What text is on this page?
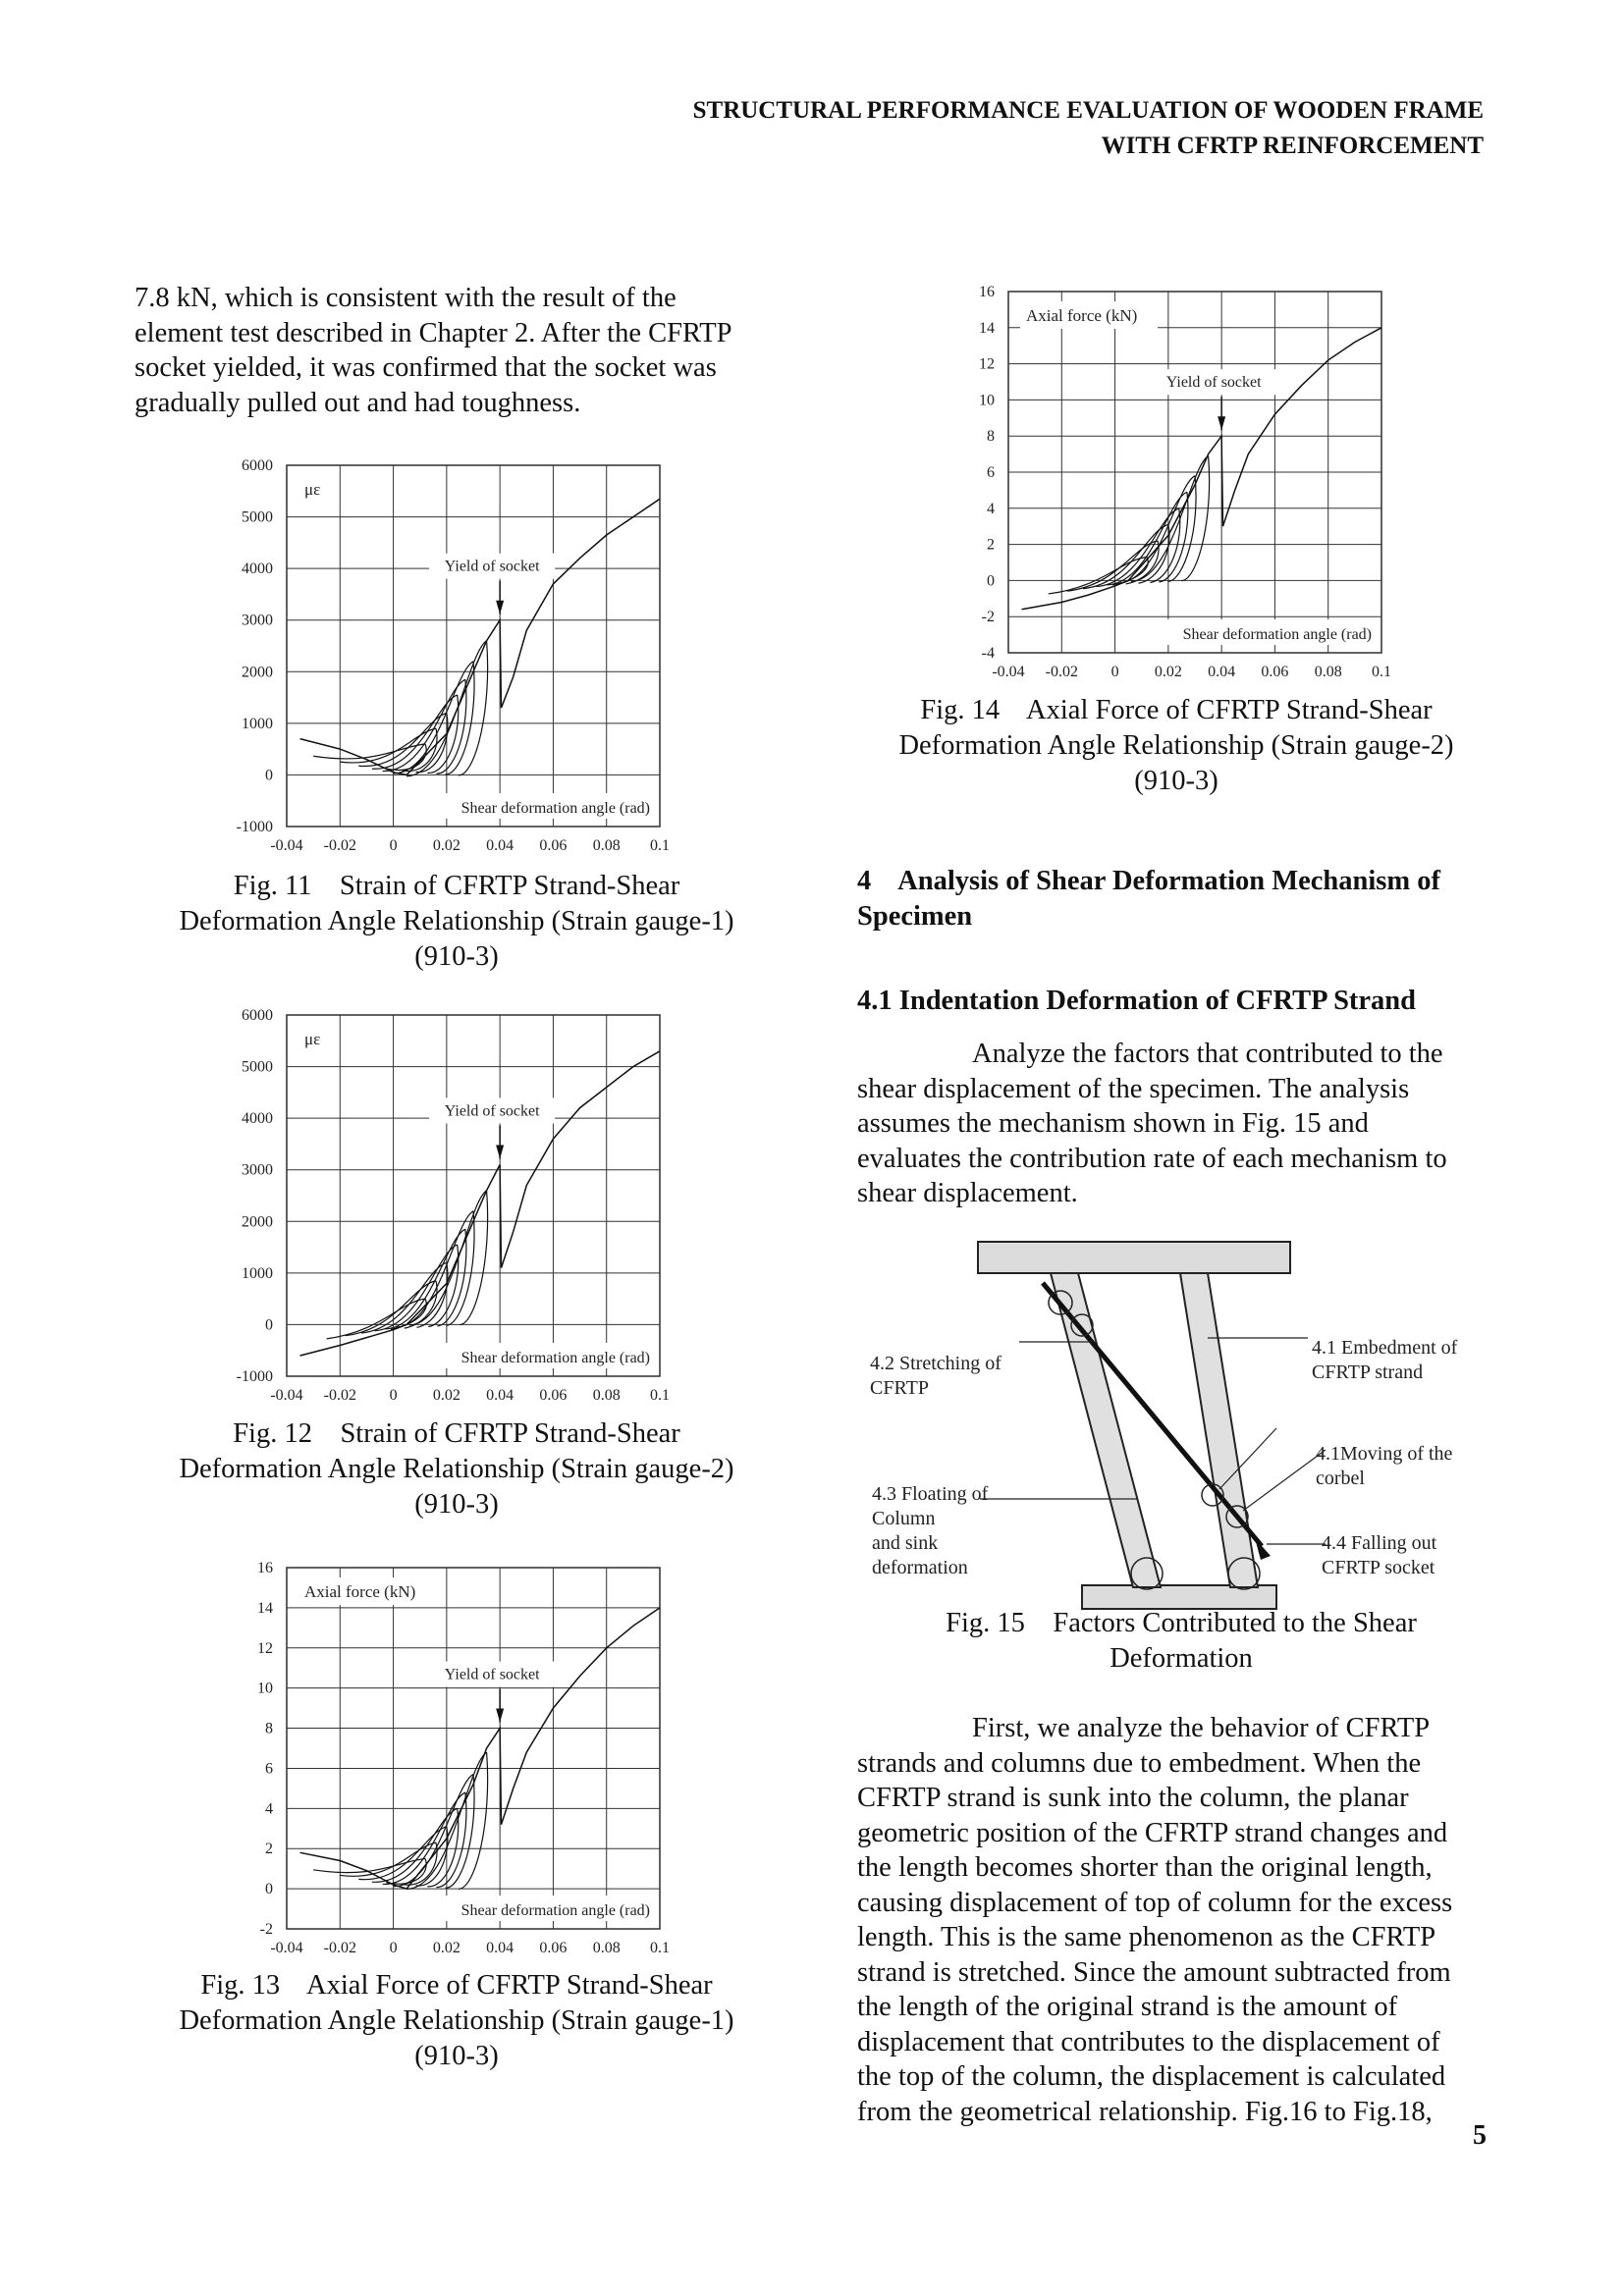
STRUCTURAL PERFORMANCE EVALUATION OF WOODEN FRAME
WITH CFRTP REINFORCEMENT
7.8 kN, which is consistent with the result of the
element test described in Chapter 2. After the CFRTP
socket yielded, it was confirmed that the socket was
gradually pulled out and had toughness.
-0.04 -0.02 0 0.02 0.04 0.06 0.08 0.1
6000
5000
4000
3000
2000
1000
0
-1000
με
Shear deformation angle (rad)
Yield of socket
Fig. 11    Strain of CFRTP Strand-Shear
Deformation Angle Relationship (Strain gauge-1)
(910-3)
-0.04 -0.02 0 0.02 0.04 0.06 0.08 0.1
6000
5000
4000
3000
2000
1000
0
-1000
με
Shear deformation angle (rad)
Yield of socket
Fig. 12    Strain of CFRTP Strand-Shear
Deformation Angle Relationship (Strain gauge-2)
(910-3)
-0.04 -0.02 0 0.02 0.04 0.06 0.08 0.1
16
14
12
10
8
6
4
2
0
-2
Axial force (kN)
Shear deformation angle (rad)
Yield of socket
Fig. 13    Axial Force of CFRTP Strand-Shear
Deformation Angle Relationship (Strain gauge-1)
(910-3)
-0.04 -0.02 0 0.02 0.04 0.06 0.08 0.1
16
14
12
10
8
6
4
2
0
-2
-4
Axial force (kN)
Shear deformation angle (rad)
Yield of socket
Fig. 14    Axial Force of CFRTP Strand-Shear
Deformation Angle Relationship (Strain gauge-2)
(910-3)
4    Analysis of Shear Deformation Mechanism of
Specimen
4.1 Indentation Deformation of CFRTP Strand
Analyze the factors that contributed to the
shear displacement of the specimen. The analysis
assumes the mechanism shown in Fig. 15 and
evaluates the contribution rate of each mechanism to
shear displacement.
4.2 Stretching of
CFRTP
4.1 Embedment of
CFRTP strand
4.1Moving of the
corbel
4.3 Floating of
Column
and sink
deformation
4.4 Falling out
CFRTP socket
Fig. 15    Factors Contributed to the Shear
Deformation
First, we analyze the behavior of CFRTP
strands and columns due to embedment. When the
CFRTP strand is sunk into the column, the planar
geometric position of the CFRTP strand changes and
the length becomes shorter than the original length,
causing displacement of top of column for the excess
length. This is the same phenomenon as the CFRTP
strand is stretched. Since the amount subtracted from
the length of the original strand is the amount of
displacement that contributes to the displacement of
the top of the column, the displacement is calculated
from the geometrical relationship. Fig.16 to Fig.18,
5
